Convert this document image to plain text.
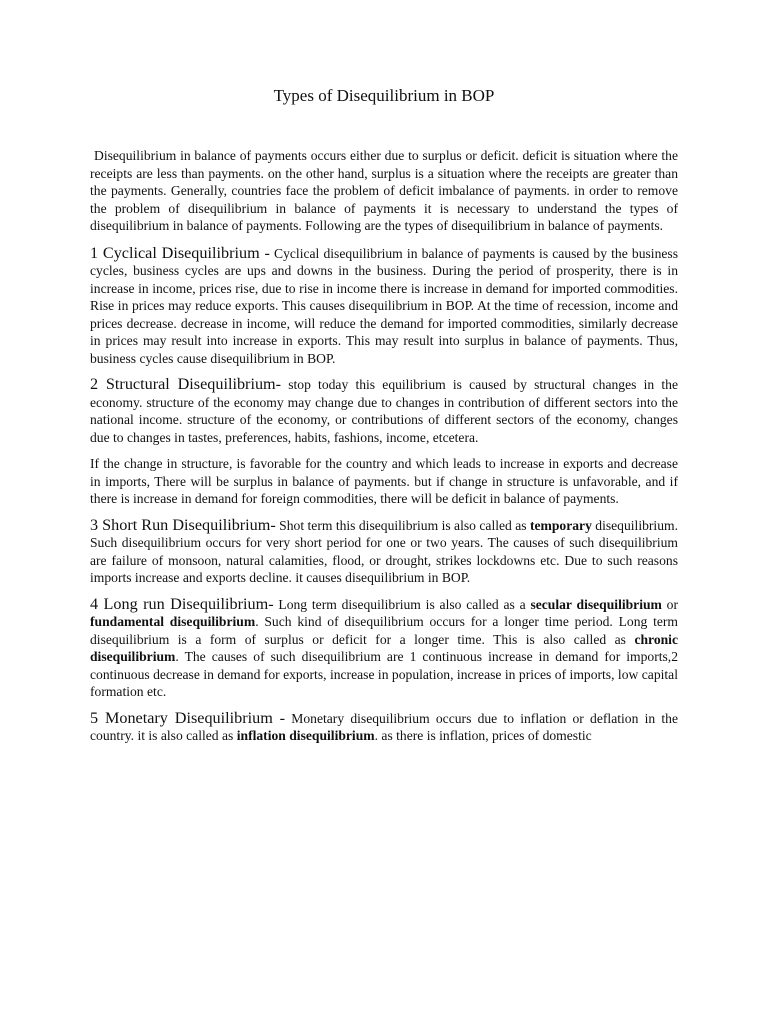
Types of Disequilibrium in BOP

Disequilibrium in balance of payments occurs either due to surplus or deficit. deficit is situation where the receipts are less than payments. on the other hand, surplus is a situation where the receipts are greater than the payments. Generally, countries face the problem of deficit imbalance of payments. in order to remove the problem of disequilibrium in balance of payments it is necessary to understand the types of disequilibrium in balance of payments. Following are the types of disequilibrium in balance of payments.

1 Cyclical Disequilibrium - Cyclical disequilibrium in balance of payments is caused by the business cycles, business cycles are ups and downs in the business. During the period of prosperity, there is in increase in income, prices rise, due to rise in income there is increase in demand for imported commodities. Rise in prices may reduce exports. This causes disequilibrium in BOP. At the time of recession, income and prices decrease. decrease in income, will reduce the demand for imported commodities, similarly decrease in prices may result into increase in exports. This may result into surplus in balance of payments. Thus, business cycles cause disequilibrium in BOP.

2 Structural Disequilibrium- stop today this equilibrium is caused by structural changes in the economy. structure of the economy may change due to changes in contribution of different sectors into the national income. structure of the economy, or contributions of different sectors of the economy, changes due to changes in tastes, preferences, habits, fashions, income, etcetera.

If the change in structure, is favorable for the country and which leads to increase in exports and decrease in imports, There will be surplus in balance of payments. but if change in structure is unfavorable, and if there is increase in demand for foreign commodities, there will be deficit in balance of payments.

3 Short Run Disequilibrium- Shot term this disequilibrium is also called as temporary disequilibrium. Such disequilibrium occurs for very short period for one or two years. The causes of such disequilibrium are failure of monsoon, natural calamities, flood, or drought, strikes lockdowns etc. Due to such reasons imports increase and exports decline. it causes disequilibrium in BOP.

4 Long run Disequilibrium- Long term disequilibrium is also called as a secular disequilibrium or fundamental disequilibrium. Such kind of disequilibrium occurs for a longer time period. Long term disequilibrium is a form of surplus or deficit for a longer time. This is also called as chronic disequilibrium. The causes of such disequilibrium are 1 continuous increase in demand for imports,2 continuous decrease in demand for exports, increase in population, increase in prices of imports, low capital formation etc.

5 Monetary Disequilibrium - Monetary disequilibrium occurs due to inflation or deflation in the country. it is also called as inflation disequilibrium. as there is inflation, prices of domestic
